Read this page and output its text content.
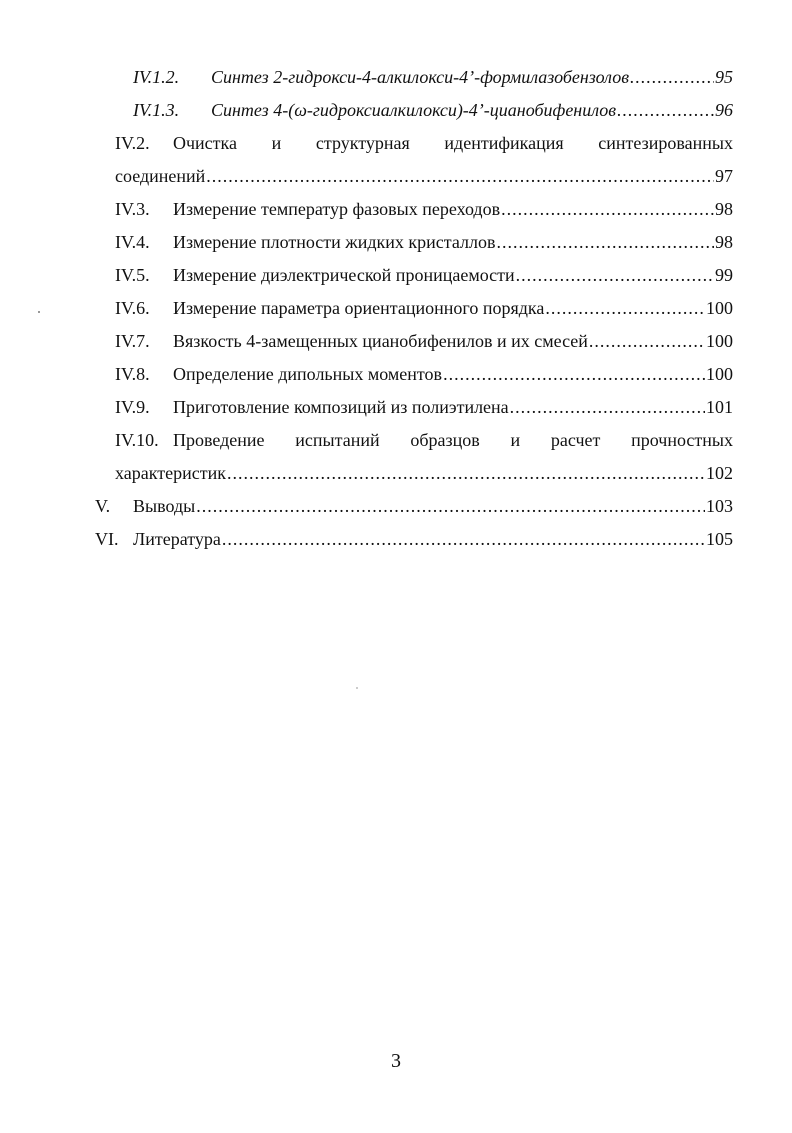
IV.1.2.	Синтез 2-гидрокси-4-алкилокси-4’-формилазобензолов .....	95
IV.1.3.	Синтез 4-(ω-гидроксиалкилокси)-4’-цианобифенилов .....	96
IV.2.	Очистка и структурная идентификация синтезированных
соединений .....	97
IV.3.	Измерение температур фазовых переходов .....	98
IV.4.	Измерение плотности жидких кристаллов .....	98
IV.5.	Измерение диэлектрической проницаемости .....	99
IV.6.	Измерение параметра ориентационного порядка .....	100
IV.7.	Вязкость 4-замещенных цианобифенилов и их смесей .....	100
IV.8.	Определение дипольных моментов .....	100
IV.9.	Приготовление композиций из полиэтилена .....	101
IV.10. Проведение испытаний образцов и расчет прочностных
характеристик .....	102
V.	Выводы .....	103
VI. Литература .....	105
3
